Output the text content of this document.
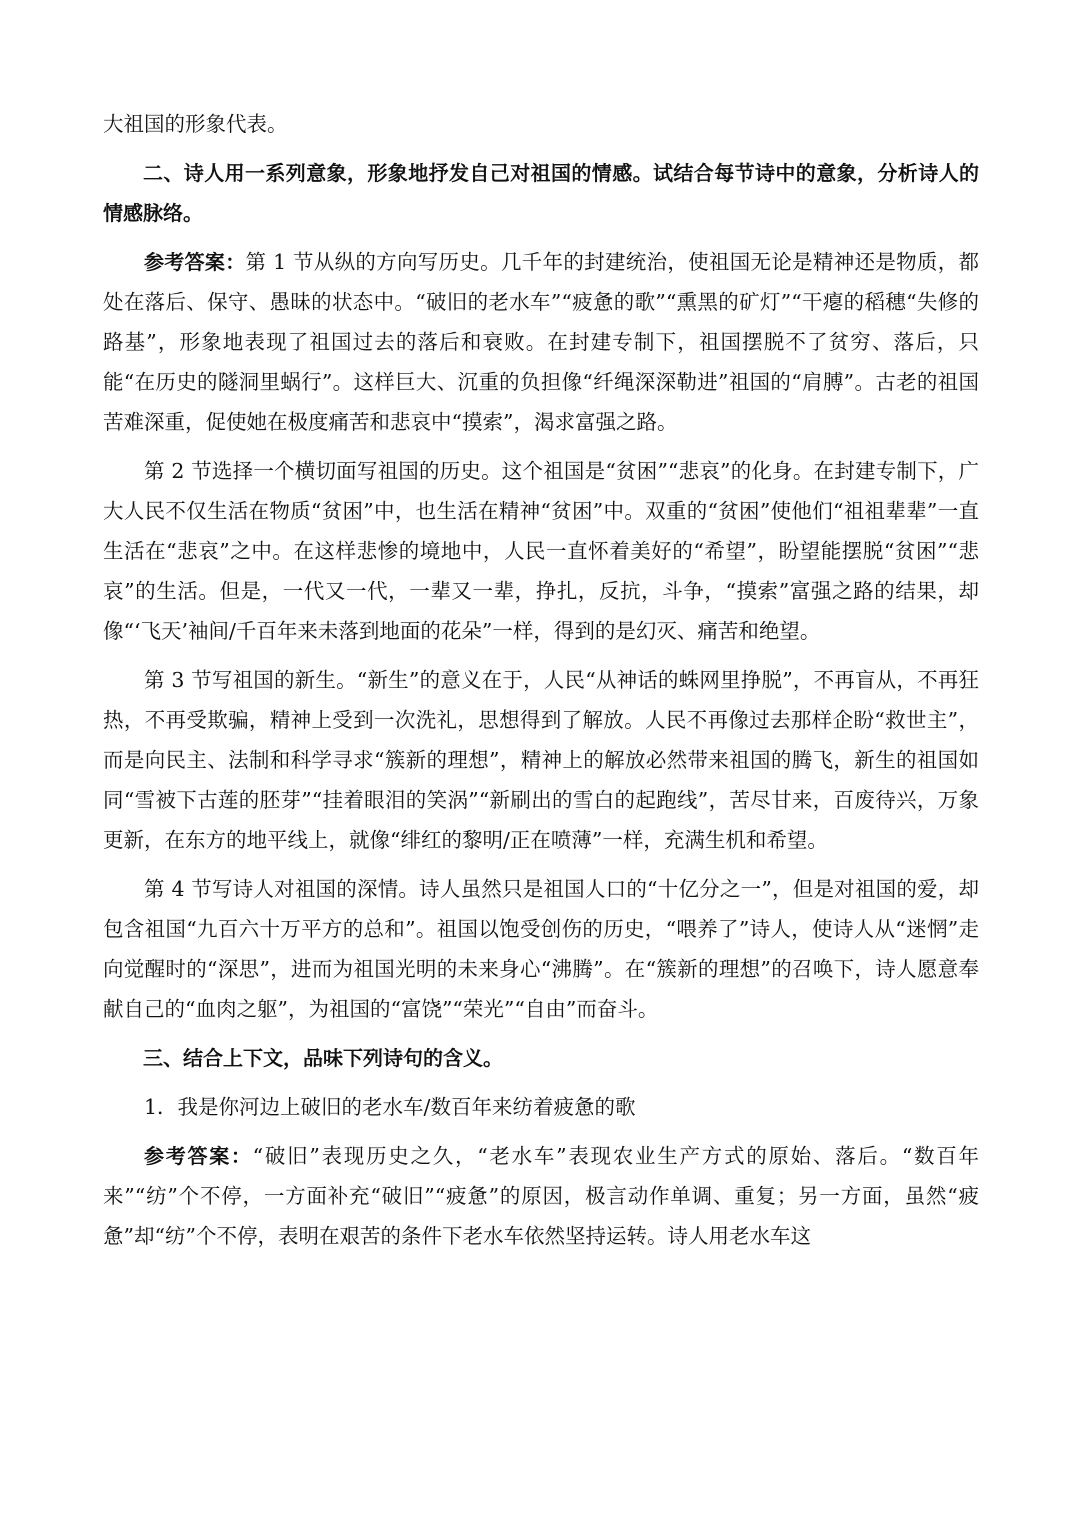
大祖国的形象代表。

二、诗人用一系列意象，形象地抒发自己对祖国的情感。试结合每节诗中的意象，分析诗人的情感脉络。

参考答案：第 1 节从纵的方向写历史。几千年的封建统治，使祖国无论是精神还是物质，都处在落后、保守、愚昧的状态中。“破旧的老水车”“疲惫的歌”“熏黑的矿灯”“干瘪的稻穗“失修的路基”，形象地表现了祖国过去的落后和衰败。在封建专制下，祖国摆脱不了贫穷、落后，只能“在历史的隧洞里蜗行”。这样巨大、沉重的负担像“纤绳深深勒进”祖国的“肩膊”。古老的祖国苦难深重，促使她在极度痛苦和悲哀中“摸索”，渴求富强之路。

第 2 节选择一个横切面写祖国的历史。这个祖国是“贫困”“悲哀”的化身。在封建专制下，广大人民不仅生活在物质“贫困”中，也生活在精神“贫困”中。双重的“贫困”使他们“祖祖辈辈”一直生活在“悲哀”之中。在这样悲惨的境地中，人民一直怀着美好的“希望”，盼望能摆脱“贫困”“悲哀”的生活。但是，一代又一代，一辈又一辈，挣扎，反抗，斗争，“摸索”富强之路的结果，却像“‘飞天’袖间/千百年来未落到地面的花朵”一样，得到的是幻灭、痛苦和绝望。

第 3 节写祖国的新生。“新生”的意义在于，人民“从神话的蛛网里挣脱”，不再盲从，不再狂热，不再受欺骗，精神上受到一次洗礼，思想得到了解放。人民不再像过去那样企盼“救世主”，而是向民主、法制和科学寻求“簇新的理想”，精神上的解放必然带来祖国的腾飞，新生的祖国如同“雪被下古莲的胚芽”“挂着眼泪的笑涡”“新刷出的雪白的起跑线”，苦尽甘来，百废待兴，万象更新，在东方的地平线上，就像“绯红的黎明/正在喷薄”一样，充满生机和希望。

第 4 节写诗人对祖国的深情。诗人虽然只是祖国人口的“十亿分之一”，但是对祖国的爱，却包含祖国“九百六十万平方的总和”。祖国以饱受创伤的历史，“喂养了”诗人，使诗人从“迷惘”走向觉醒时的“深思”，进而为祖国光明的未来身心“沸腾”。在“簇新的理想”的召唤下，诗人愿意奉献自己的“血肉之躯”，为祖国的“富饶”“荣光”“自由”而奋斗。

三、结合上下文，品味下列诗句的含义。

1．我是你河边上破旧的老水车/数百年来纺着疲惫的歌

参考答案：“破旧”表现历史之久，“老水车”表现农业生产方式的原始、落后。“数百年来”“纺”个不停，一方面补充“破旧”“疲惫”的原因，极言动作单调、重复；另一方面，虽然“疲惫”却“纺”个不停，表明在艰苦的条件下老水车依然坚持运转。诗人用老水车这
